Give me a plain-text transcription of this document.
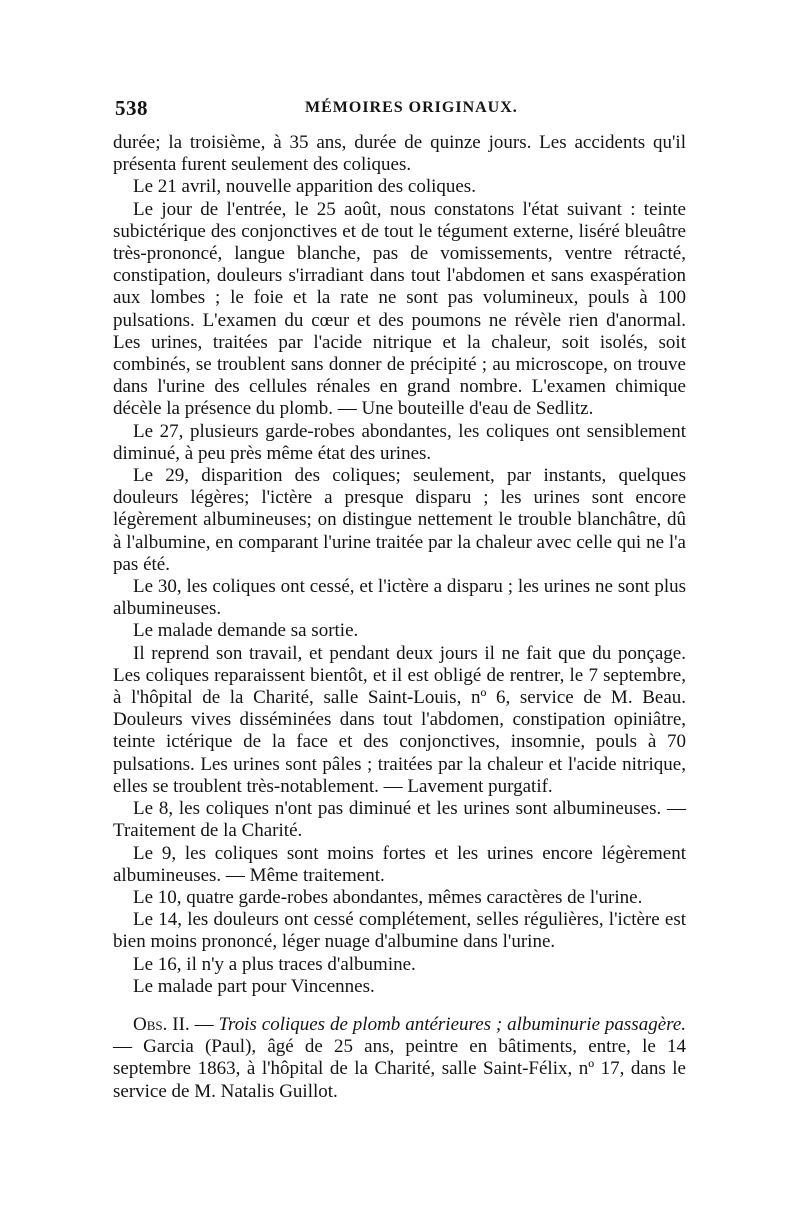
538	MÉMOIRES ORIGINAUX.

durée; la troisième, à 35 ans, durée de quinze jours. Les accidents qu'il présenta furent seulement des coliques.

Le 21 avril, nouvelle apparition des coliques.

Le jour de l'entrée, le 25 août, nous constatons l'état suivant : teinte subictérique des conjonctives et de tout le tégument externe, liséré bleuâtre très-prononcé, langue blanche, pas de vomissements, ventre rétracté, constipation, douleurs s'irradiant dans tout l'abdomen et sans exaspération aux lombes ; le foie et la rate ne sont pas volumineux, pouls à 100 pulsations. L'examen du cœur et des poumons ne révèle rien d'anormal. Les urines, traitées par l'acide nitrique et la chaleur, soit isolés, soit combinés, se troublent sans donner de précipité ; au microscope, on trouve dans l'urine des cellules rénales en grand nombre. L'examen chimique décèle la présence du plomb. — Une bouteille d'eau de Sedlitz.

Le 27, plusieurs garde-robes abondantes, les coliques ont sensiblement diminué, à peu près même état des urines.

Le 29, disparition des coliques; seulement, par instants, quelques douleurs légères; l'ictère a presque disparu ; les urines sont encore légèrement albumineuses; on distingue nettement le trouble blanchâtre, dû à l'albumine, en comparant l'urine traitée par la chaleur avec celle qui ne l'a pas été.

Le 30, les coliques ont cessé, et l'ictère a disparu ; les urines ne sont plus albumineuses.

Le malade demande sa sortie.

Il reprend son travail, et pendant deux jours il ne fait que du ponçage. Les coliques reparaissent bientôt, et il est obligé de rentrer, le 7 septembre, à l'hôpital de la Charité, salle Saint-Louis, nº 6, service de M. Beau. Douleurs vives disséminées dans tout l'abdomen, constipation opiniâtre, teinte ictérique de la face et des conjonctives, insomnie, pouls à 70 pulsations. Les urines sont pâles ; traitées par la chaleur et l'acide nitrique, elles se troublent très-notablement. — Lavement purgatif.

Le 8, les coliques n'ont pas diminué et les urines sont albumineuses. — Traitement de la Charité.

Le 9, les coliques sont moins fortes et les urines encore légèrement albumineuses. — Même traitement.

Le 10, quatre garde-robes abondantes, mêmes caractères de l'urine.

Le 14, les douleurs ont cessé complétement, selles régulières, l'ictère est bien moins prononcé, léger nuage d'albumine dans l'urine.

Le 16, il n'y a plus traces d'albumine.

Le malade part pour Vincennes.

Obs. II. — Trois coliques de plomb antérieures ; albuminurie passagère. — Garcia (Paul), âgé de 25 ans, peintre en bâtiments, entre, le 14 septembre 1863, à l'hôpital de la Charité, salle Saint-Félix, nº 17, dans le service de M. Natalis Guillot.
